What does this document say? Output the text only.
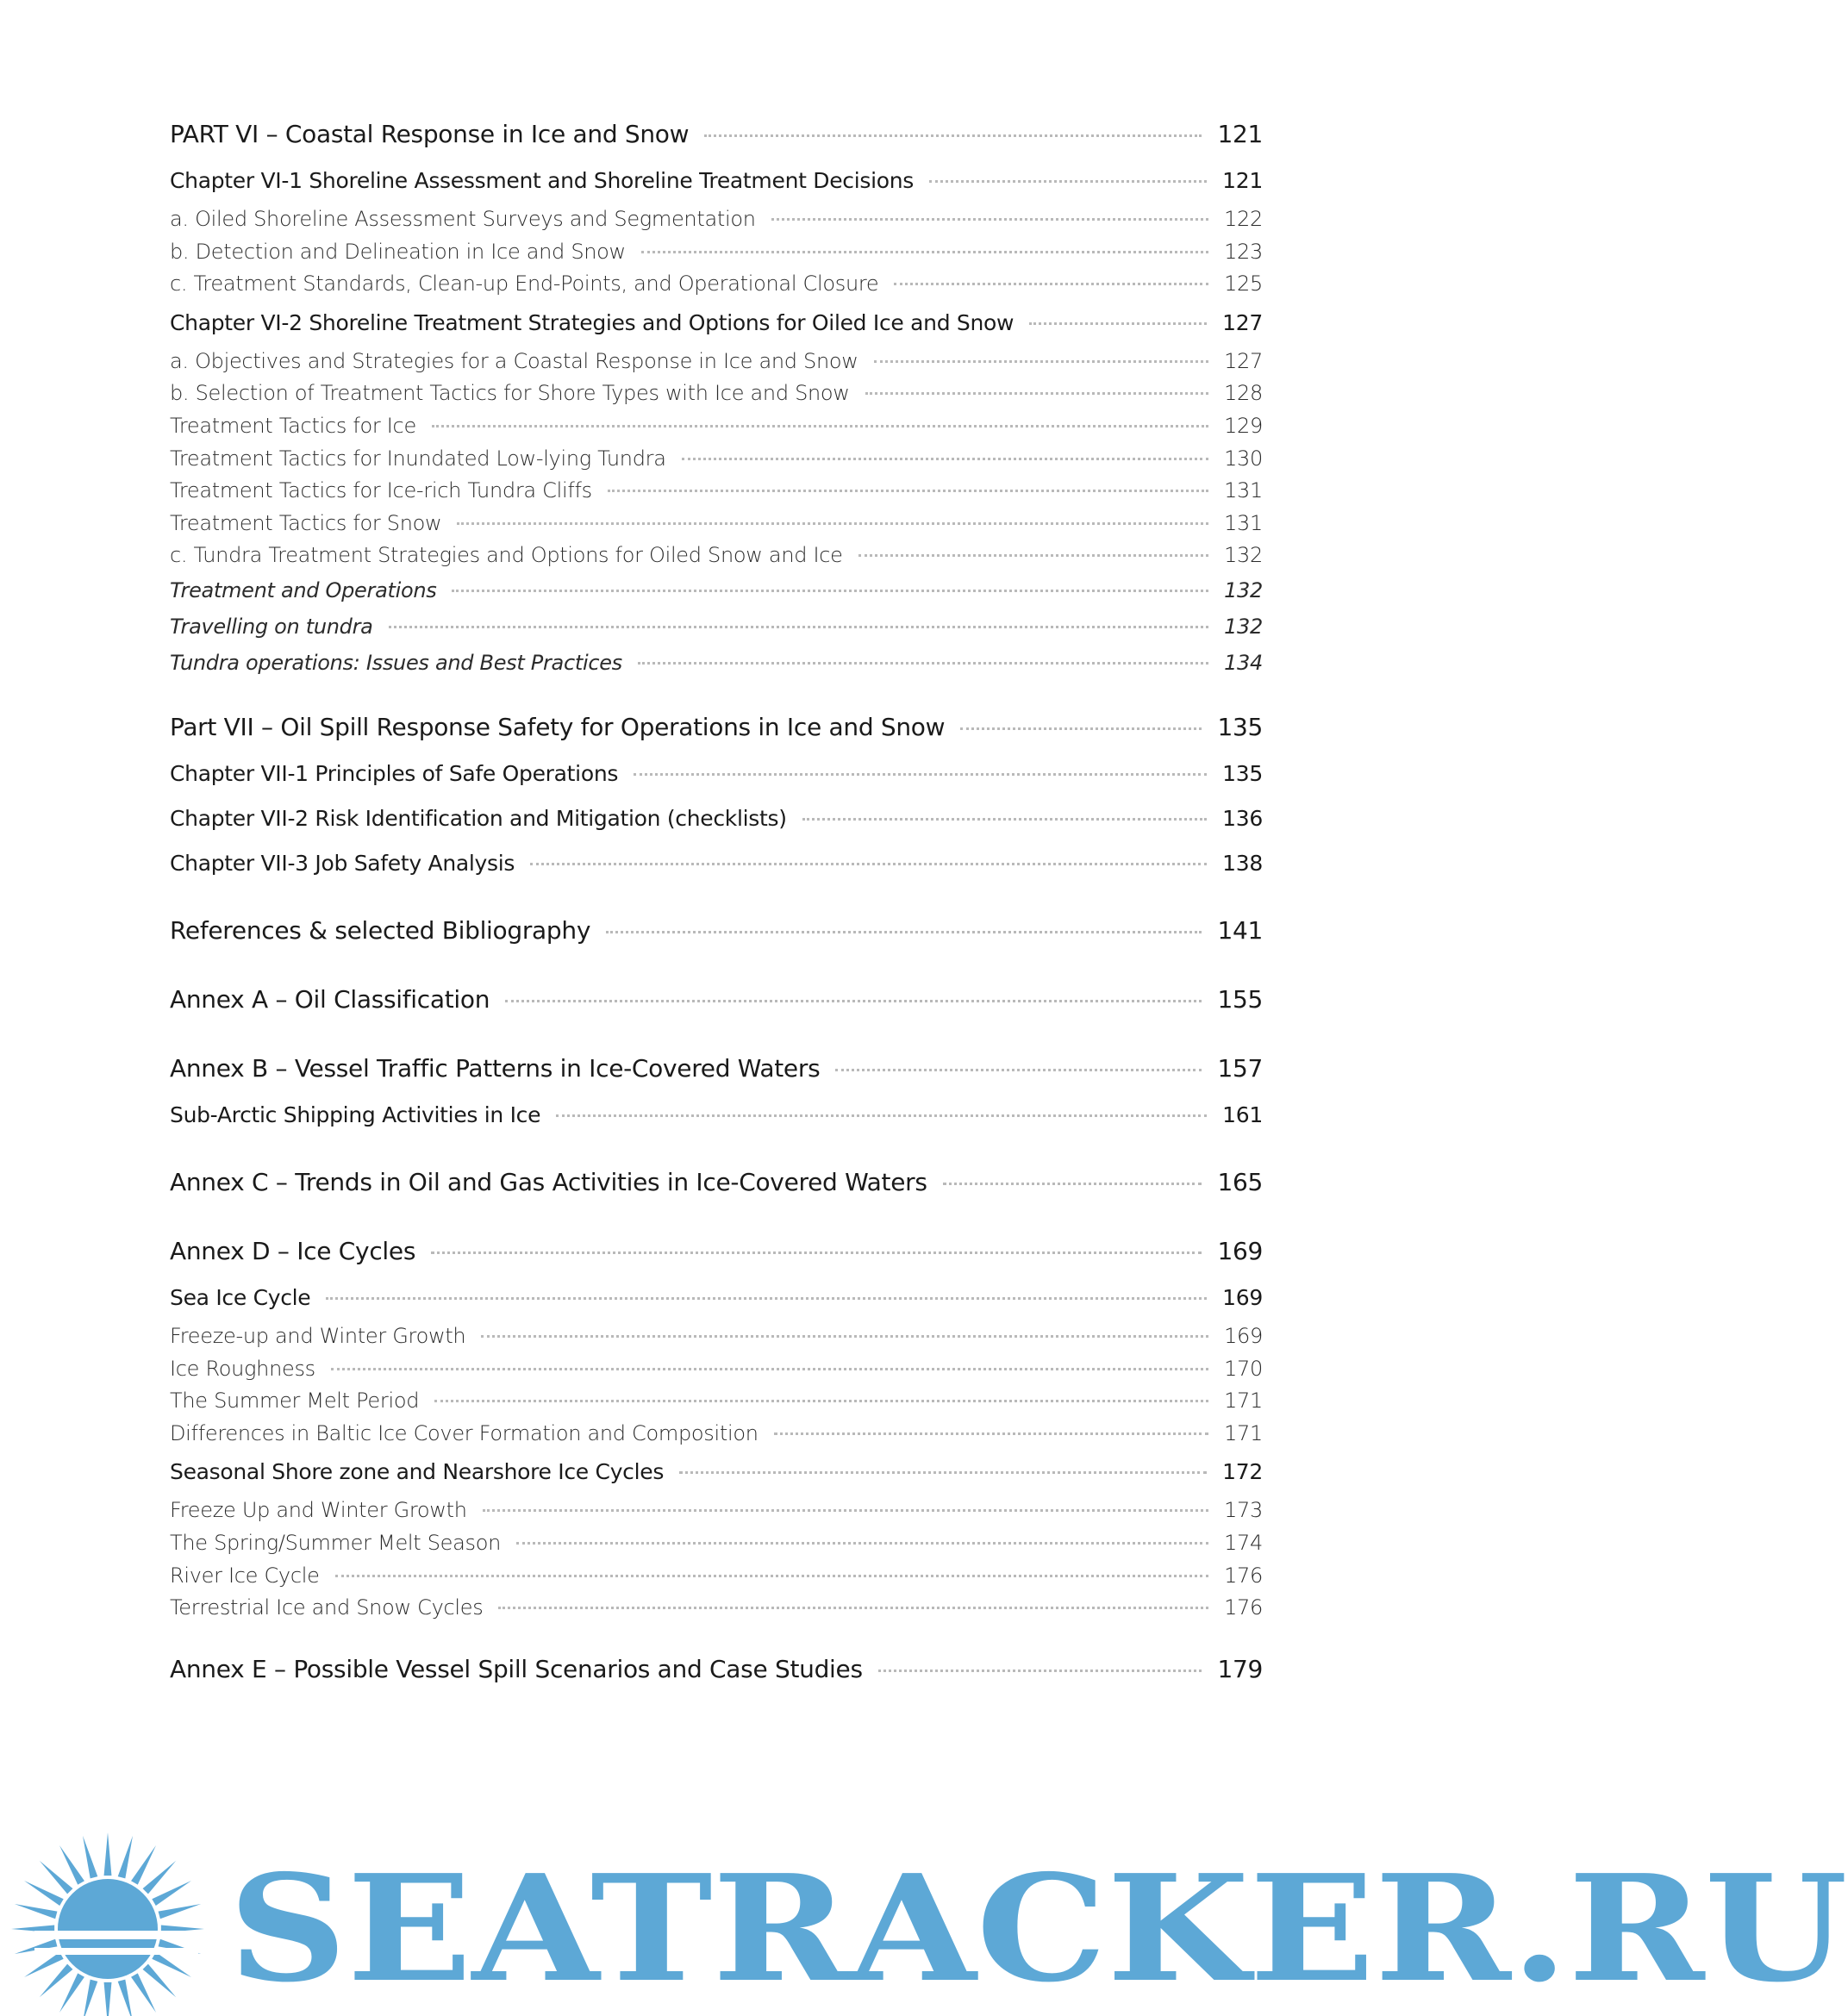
PART VI – Coastal Response in Ice and Snow	121
Chapter VI-1 Shoreline Assessment and Shoreline Treatment Decisions	121
a. Oiled Shoreline Assessment Surveys and Segmentation	122
b. Detection and Delineation in Ice and Snow	123
c. Treatment Standards, Clean-up End-Points, and Operational Closure	125
Chapter VI-2 Shoreline Treatment Strategies and Options for Oiled Ice and Snow	127
a. Objectives and Strategies for a Coastal Response in Ice and Snow	127
b. Selection of Treatment Tactics for Shore Types with Ice and Snow	128
Treatment Tactics for Ice	129
Treatment Tactics for Inundated Low-lying Tundra	130
Treatment Tactics for Ice-rich Tundra Cliffs	131
Treatment Tactics for Snow	131
c. Tundra Treatment Strategies and Options for Oiled Snow and Ice	132
Treatment and Operations	132
Travelling on tundra	132
Tundra operations: Issues and Best Practices	134
Part VII – Oil Spill Response Safety for Operations in Ice and Snow	135
Chapter VII-1 Principles of Safe Operations	135
Chapter VII-2 Risk Identification and Mitigation (checklists)	136
Chapter VII-3 Job Safety Analysis	138
References & selected Bibliography	141
Annex A – Oil Classification	155
Annex B – Vessel Traffic Patterns in Ice-Covered Waters	157
Sub-Arctic Shipping Activities in Ice	161
Annex C – Trends in Oil and Gas Activities in Ice-Covered Waters	165
Annex D – Ice Cycles	169
Sea Ice Cycle	169
Freeze-up and Winter Growth	169
Ice Roughness	170
The Summer Melt Period	171
Differences in Baltic Ice Cover Formation and Composition	171
Seasonal Shore zone and Nearshore Ice Cycles	172
Freeze Up and Winter Growth	173
The Spring/Summer Melt Season	174
River Ice Cycle	176
Terrestrial Ice and Snow Cycles	176
Annex E – Possible Vessel Spill Scenarios and Case Studies	179
SEATRACKER.RU
